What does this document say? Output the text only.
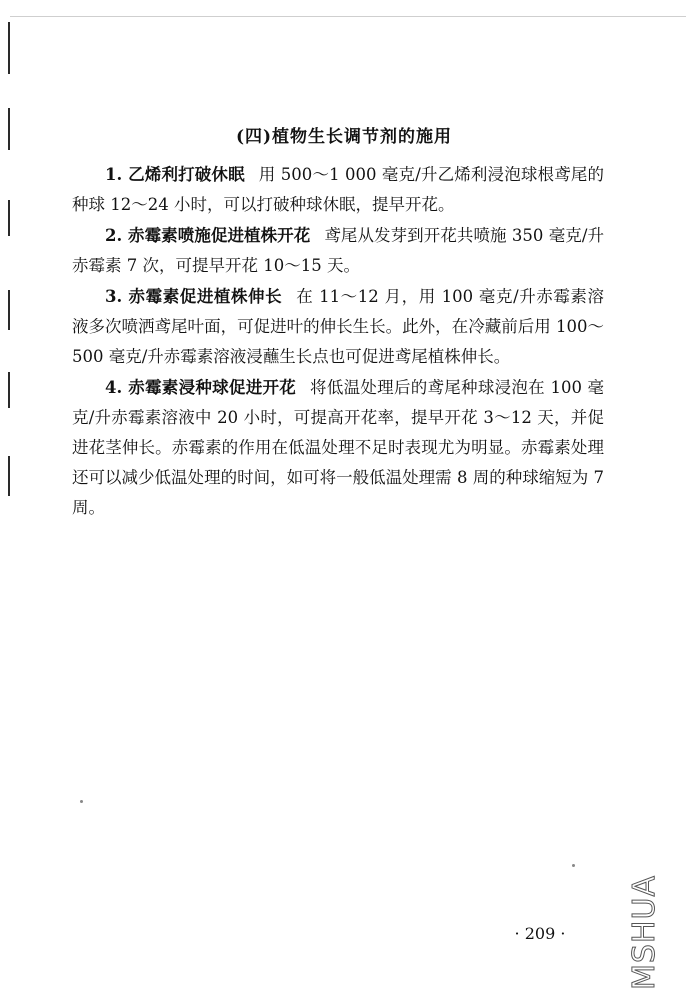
(四)植物生长调节剂的施用

1. 乙烯利打破休眠 用 500～1 000 毫克/升乙烯利浸泡球根鸢尾的种球 12～24 小时，可以打破种球休眠，提早开花。

2. 赤霉素喷施促进植株开花 鸢尾从发芽到开花共喷施 350 毫克/升赤霉素 7 次，可提早开花 10～15 天。

3. 赤霉素促进植株伸长 在 11～12 月，用 100 毫克/升赤霉素溶液多次喷洒鸢尾叶面，可促进叶的伸长生长。此外，在冷藏前后用 100～500 毫克/升赤霉素溶液浸蘸生长点也可促进鸢尾植株伸长。

4. 赤霉素浸种球促进开花 将低温处理后的鸢尾种球浸泡在 100 毫克/升赤霉素溶液中 20 小时，可提高开花率，提早开花 3～12 天，并促进花茎伸长。赤霉素的作用在低温处理不足时表现尤为明显。赤霉素处理还可以减少低温处理的时间，如可将一般低温处理需 8 周的种球缩短为 7 周。

· 209 ·	MSHUA
